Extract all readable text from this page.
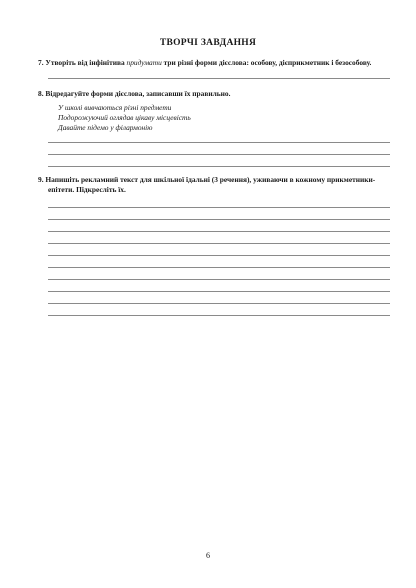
ТВОРЧІ ЗАВДАННЯ
7. Утворіть від інфінітива придумати три різні форми дієслова: особову, дієприкметник і безособову.
8. Відредагуйте форми дієслова, записавши їх правильно.
У школі вивчаються різні предмети
Подорожуючий оглядав цікаву місцевість
Давайте підемо у філармонію
9. Напишіть рекламний текст для шкільної їдальні (3 речення), уживаючи в кожному прикметники-
епітети. Підкресліть їх.
6
